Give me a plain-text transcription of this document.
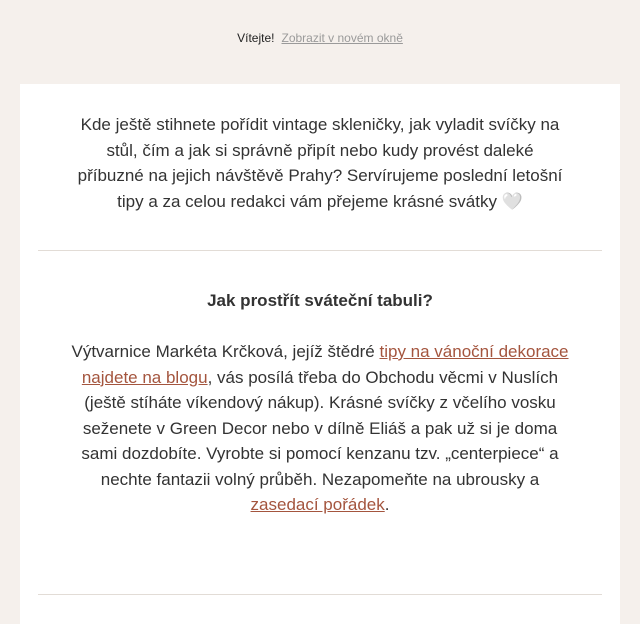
Vítejte! Zobrazit v novém okně

Kde ještě stihnete pořídit vintage skleničky, jak vyladit svíčky na stůl, čím a jak si správně připít nebo kudy provést daleké příbuzné na jejich návštěvě Prahy? Servírujeme poslední letošní tipy a za celou redakci vám přejeme krásné svátky 🤍

Jak prostřít sváteční tabuli?

Výtvarnice Markéta Krčková, jejíž štědré tipy na vánoční dekorace najdete na blogu, vás posílá třeba do Obchodu věcmi v Nuslích (ještě stíháte víkendový nákup). Krásné svíčky z včelího vosku seženete v Green Decor nebo v dílně Eliáš a pak už si je doma sami dozdobíte. Vyrobte si pomocí kenzanu tzv. „centerpiece“ a nechte fantazii volný průběh. Nezapomeňte na ubrousky a zasedací pořádek.
